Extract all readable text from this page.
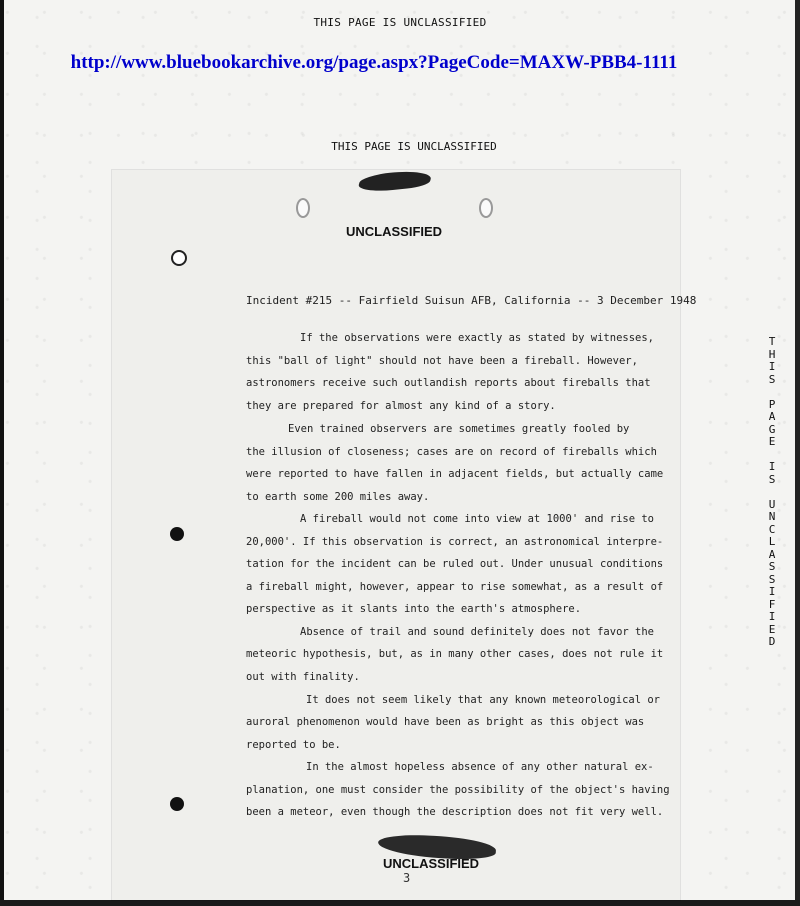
THIS PAGE IS UNCLASSIFIED
http://www.bluebookarchive.org/page.aspx?PageCode=MAXW-PBB4-1111
THIS PAGE IS UNCLASSIFIED
UNCLASSIFIED
Incident #215 -- Fairfield Suisun AFB, California -- 3 December 1948
If the observations were exactly as stated by witnesses,
this "ball of light" should not have been a fireball. However,
astronomers receive such outlandish reports about fireballs that
they are prepared for almost any kind of a story.
Even trained observers are sometimes greatly fooled by
the illusion of closeness; cases are on record of fireballs which
were reported to have fallen in adjacent fields, but actually came
to earth some 200 miles away.
A fireball would not come into view at 1000' and rise to
20,000'. If this observation is correct, an astronomical interpre-
tation for the incident can be ruled out. Under unusual conditions
a fireball might, however, appear to rise somewhat, as a result of
perspective as it slants into the earth's atmosphere.
Absence of trail and sound definitely does not favor the
meteoric hypothesis, but, as in many other cases, does not rule it
out with finality.
It does not seem likely that any known meteorological or
auroral phenomenon would have been as bright as this object was
reported to be.
In the almost hopeless absence of any other natural ex-
planation, one must consider the possibility of the object's having
been a meteor, even though the description does not fit very well.
T
H
I
S

P
A
G
E

I
S

U
N
C
L
A
S
S
I
F
I
E
D
UNCLASSIFIED
3
